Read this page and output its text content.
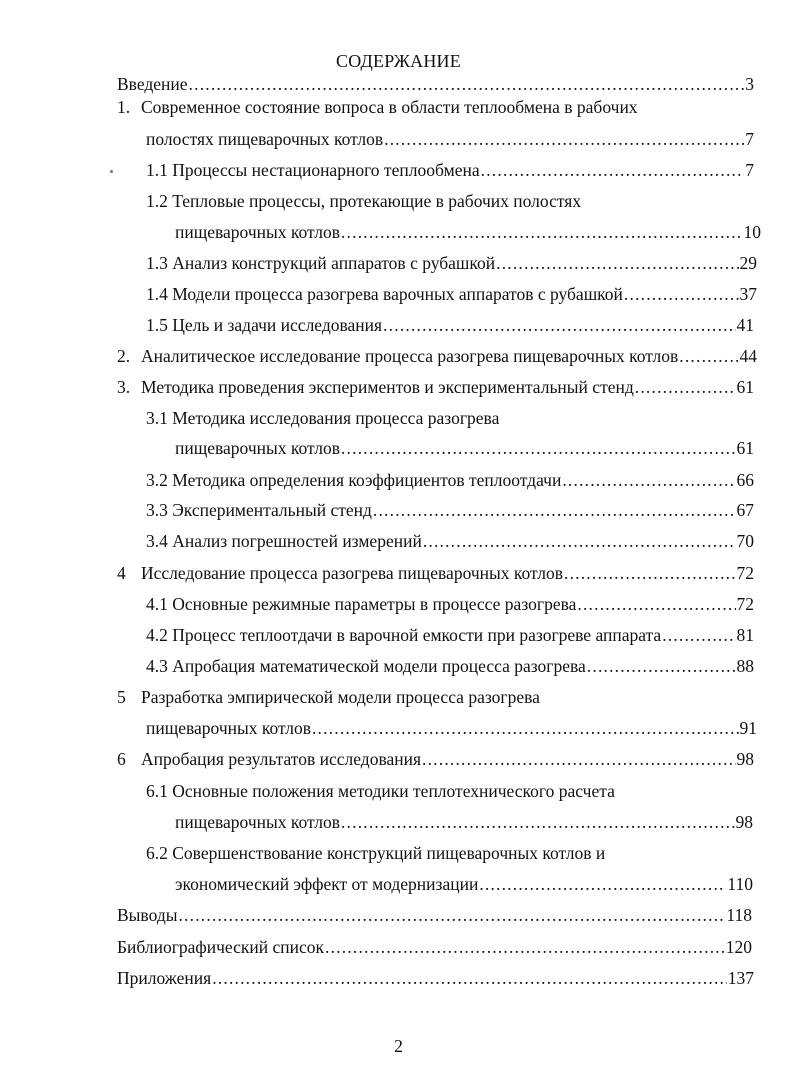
СОДЕРЖАНИЕ
Введение .....	3
1. Современное состояние вопроса в области теплообмена в рабочих
полостях пищеварочных котлов .....	7
1.1 Процессы нестационарного теплообмена .....	7
1.2 Тепловые процессы, протекающие в рабочих полостях
пищеварочных котлов .....	10
1.3 Анализ конструкций аппаратов с рубашкой .....	29
1.4 Модели процесса разогрева варочных аппаратов с рубашкой .....	37
1.5 Цель и задачи исследования .....	41
2. Аналитическое исследование процесса разогрева пищеварочных котлов .....	44
3. Методика проведения экспериментов и экспериментальный стенд .....	61
3.1 Методика исследования процесса разогрева
пищеварочных котлов .....	61
3.2 Методика определения коэффициентов теплоотдачи .....	66
3.3 Экспериментальный стенд .....	67
3.4 Анализ погрешностей измерений .....	70
4 Исследование процесса разогрева пищеварочных котлов .....	72
4.1 Основные режимные параметры в процессе разогрева .....	72
4.2 Процесс теплоотдачи в варочной емкости при разогреве аппарата .....	81
4.3 Апробация математической модели процесса разогрева .....	88
5 Разработка эмпирической модели процесса разогрева
пищеварочных котлов .....	91
6 Апробация результатов исследования .....	98
6.1 Основные положения методики теплотехнического расчета
пищеварочных котлов .....	98
6.2 Совершенствование конструкций пищеварочных котлов и
экономический эффект от модернизации .....	110
Выводы .....	118
Библиографический список .....	120
Приложения .....	137
2
